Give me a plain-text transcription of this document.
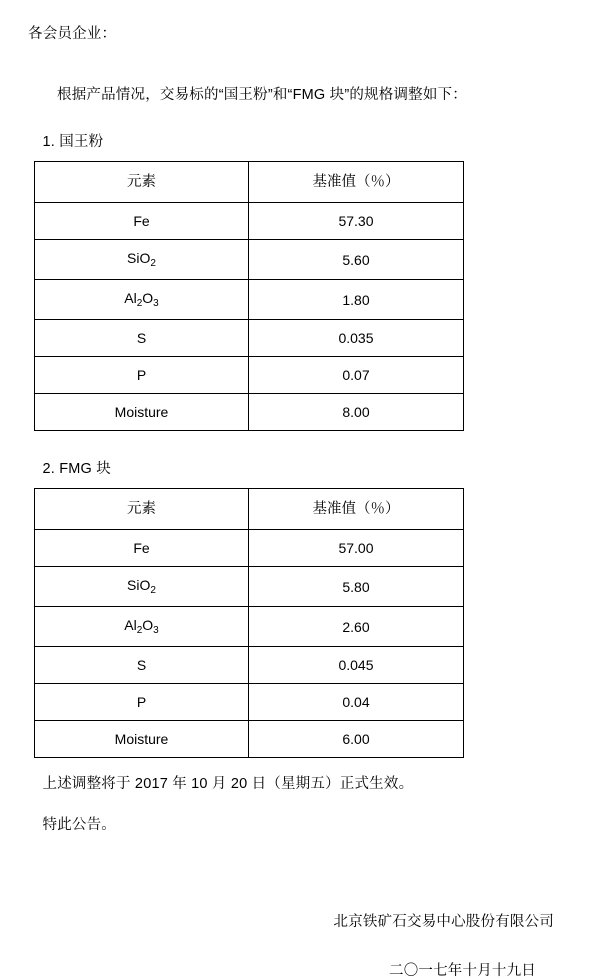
各会员企业：
根据产品情况，交易标的“国王粉”和“FMG 块”的规格调整如下：
1. 国王粉
元素	基准值（％）
Fe	57.30
SiO$_2$	5.60
$Al_2O_3$	1.80
S	0.035
P	0.07
Moisture	8.00
2. FMG 块
元素	基准值（％）
Fe	57.00
SiO$_2$	5.80
$Al_2O_3$	2.60
S	0.045
P	0.04
Moisture	6.00
上述调整将于 2017 年 10 月 20 日（星期五）正式生效。
特此公告。
北京铁矿石交易中心股份有限公司
二〇一七年十月十九日
